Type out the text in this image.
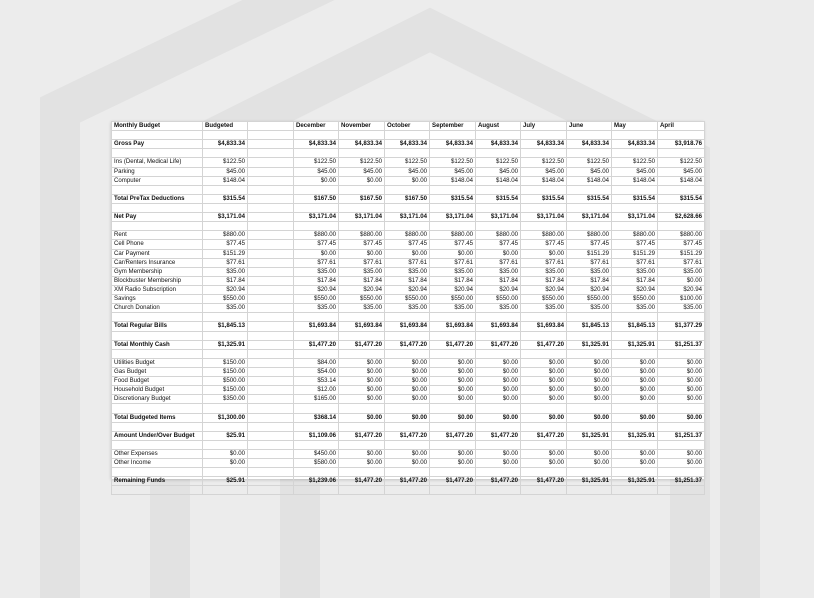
Monthly Budget	Budgeted		December	November	October	September	August	July	June	May	April

Gross Pay	$4,833.34		$4,833.34	$4,833.34	$4,833.34	$4,833.34	$4,833.34	$4,833.34	$4,833.34	$4,833.34	$3,918.76

Ins (Dental, Medical Life)	$122.50		$122.50	$122.50	$122.50	$122.50	$122.50	$122.50	$122.50	$122.50	$122.50
Parking	$45.00		$45.00	$45.00	$45.00	$45.00	$45.00	$45.00	$45.00	$45.00	$45.00
Computer	$148.04		$0.00	$0.00	$0.00	$148.04	$148.04	$148.04	$148.04	$148.04	$148.04

Total PreTax Deductions	$315.54		$167.50	$167.50	$167.50	$315.54	$315.54	$315.54	$315.54	$315.54	$315.54

Net Pay	$3,171.04		$3,171.04	$3,171.04	$3,171.04	$3,171.04	$3,171.04	$3,171.04	$3,171.04	$3,171.04	$2,628.66

Rent	$880.00		$880.00	$880.00	$880.00	$880.00	$880.00	$880.00	$880.00	$880.00	$880.00
Cell Phone	$77.45		$77.45	$77.45	$77.45	$77.45	$77.45	$77.45	$77.45	$77.45	$77.45
Car Payment	$151.29		$0.00	$0.00	$0.00	$0.00	$0.00	$0.00	$151.29	$151.29	$151.29
Car/Renters Insurance	$77.61		$77.61	$77.61	$77.61	$77.61	$77.61	$77.61	$77.61	$77.61	$77.61
Gym Membership	$35.00		$35.00	$35.00	$35.00	$35.00	$35.00	$35.00	$35.00	$35.00	$35.00
Blockbuster Membership	$17.84		$17.84	$17.84	$17.84	$17.84	$17.84	$17.84	$17.84	$17.84	$0.00
XM Radio Subscription	$20.94		$20.94	$20.94	$20.94	$20.94	$20.94	$20.94	$20.94	$20.94	$20.94
Savings	$550.00		$550.00	$550.00	$550.00	$550.00	$550.00	$550.00	$550.00	$550.00	$100.00
Church Donation	$35.00		$35.00	$35.00	$35.00	$35.00	$35.00	$35.00	$35.00	$35.00	$35.00

Total Regular Bills	$1,845.13		$1,693.84	$1,693.84	$1,693.84	$1,693.84	$1,693.84	$1,693.84	$1,845.13	$1,845.13	$1,377.29

Total Monthly Cash	$1,325.91		$1,477.20	$1,477.20	$1,477.20	$1,477.20	$1,477.20	$1,477.20	$1,325.91	$1,325.91	$1,251.37

Utilities Budget	$150.00		$84.00	$0.00	$0.00	$0.00	$0.00	$0.00	$0.00	$0.00	$0.00
Gas Budget	$150.00		$54.00	$0.00	$0.00	$0.00	$0.00	$0.00	$0.00	$0.00	$0.00
Food Budget	$500.00		$53.14	$0.00	$0.00	$0.00	$0.00	$0.00	$0.00	$0.00	$0.00
Household Budget	$150.00		$12.00	$0.00	$0.00	$0.00	$0.00	$0.00	$0.00	$0.00	$0.00
Discretionary Budget	$350.00		$165.00	$0.00	$0.00	$0.00	$0.00	$0.00	$0.00	$0.00	$0.00

Total Budgeted Items	$1,300.00		$368.14	$0.00	$0.00	$0.00	$0.00	$0.00	$0.00	$0.00	$0.00

Amount Under/Over Budget	$25.91		$1,109.06	$1,477.20	$1,477.20	$1,477.20	$1,477.20	$1,477.20	$1,325.91	$1,325.91	$1,251.37

Other Expenses	$0.00		$450.00	$0.00	$0.00	$0.00	$0.00	$0.00	$0.00	$0.00	$0.00
Other Income	$0.00		$580.00	$0.00	$0.00	$0.00	$0.00	$0.00	$0.00	$0.00	$0.00

Remaining Funds	$25.91		$1,239.06	$1,477.20	$1,477.20	$1,477.20	$1,477.20	$1,477.20	$1,325.91	$1,325.91	$1,251.37
